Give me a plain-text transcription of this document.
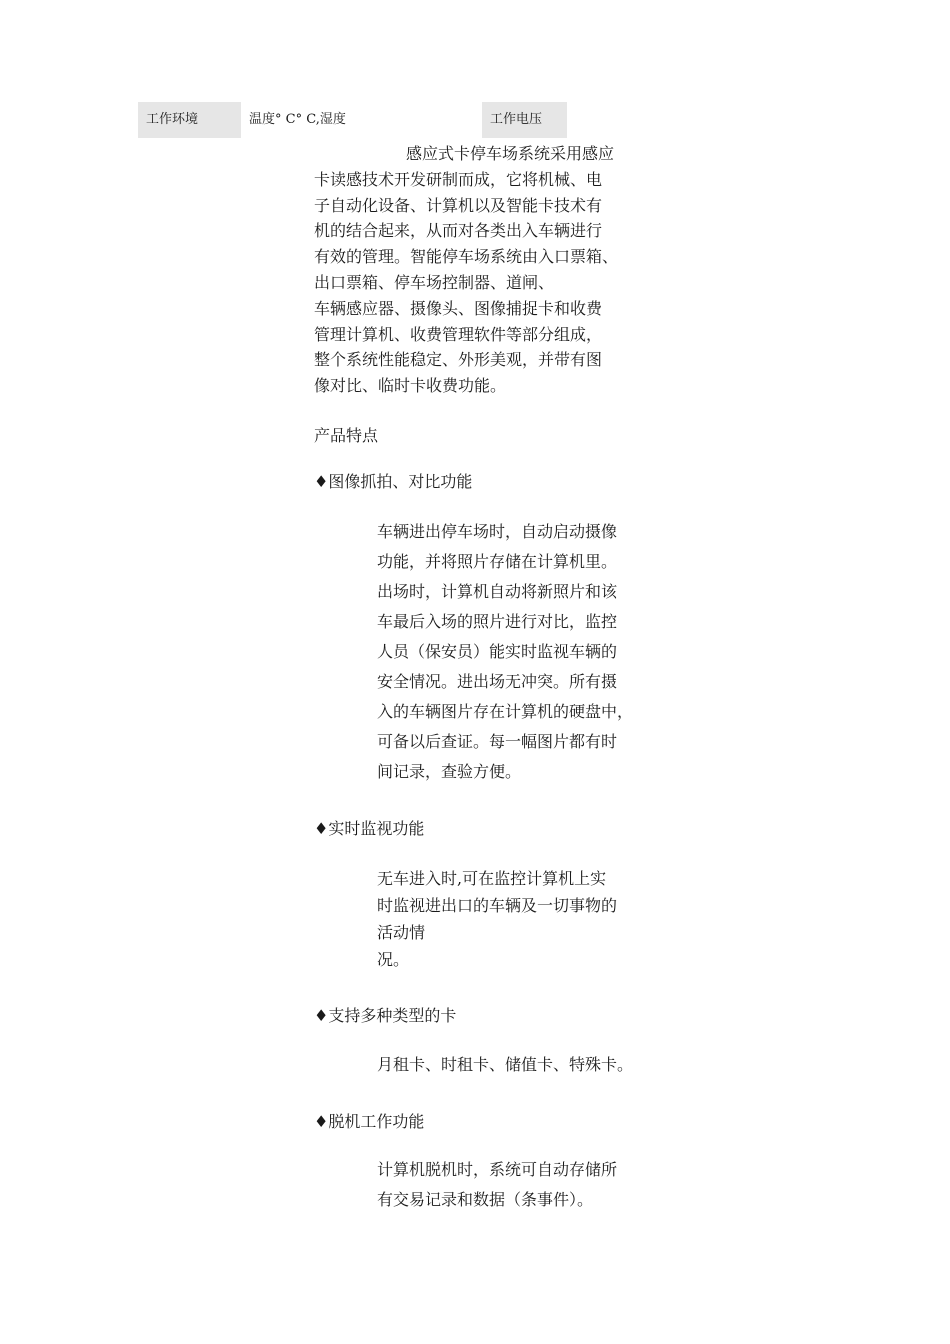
工作环境	温度° C° C,湿度	工作电压
感应式卡停车场系统采用感应
卡读感技术开发研制而成，它将机械、电
子自动化设备、计算机以及智能卡技术有
机的结合起来，从而对各类出入车辆进行
有效的管理。智能停车场系统由入口票箱、
出口票箱、停车场控制器、道闸、
车辆感应器、摄像头、图像捕捉卡和收费
管理计算机、收费管理软件等部分组成，
整个系统性能稳定、外形美观，并带有图
像对比、临时卡收费功能。
产品特点
♦图像抓拍、对比功能
车辆进出停车场时，自动启动摄像
功能，并将照片存储在计算机里。
出场时，计算机自动将新照片和该
车最后入场的照片进行对比，监控
人员（保安员）能实时监视车辆的
安全情况。进出场无冲突。所有摄
入的车辆图片存在计算机的硬盘中，
可备以后查证。每一幅图片都有时
间记录，查验方便。
♦实时监视功能
无车进入时,可在监控计算机上实
时监视进出口的车辆及一切事物的
活动情
况。
♦支持多种类型的卡
月租卡、时租卡、储值卡、特殊卡。
♦脱机工作功能
计算机脱机时，系统可自动存储所
有交易记录和数据（条事件）。
